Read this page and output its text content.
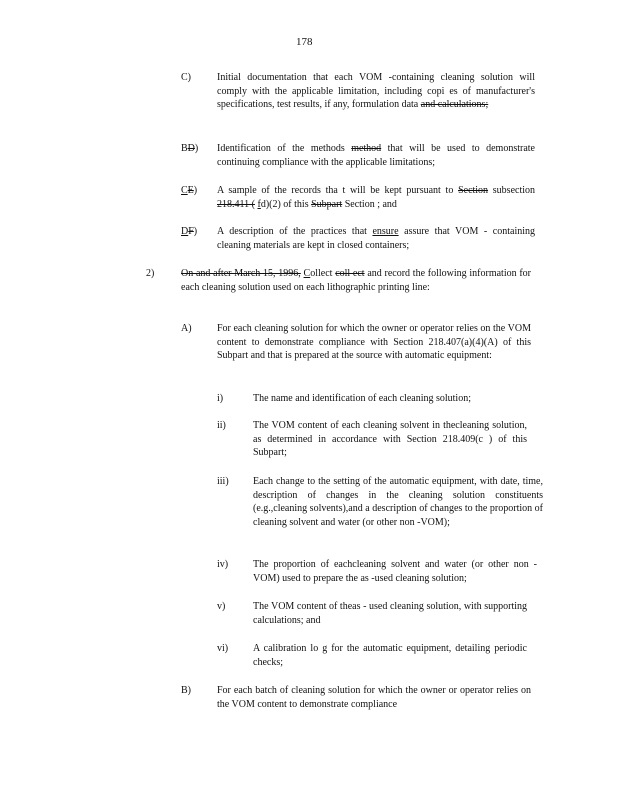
178
C)	Initial documentation that each VOM -containing cleaning solution will comply with the applicable limitation, including copi es of manufacturer's specifications, test results, if any, formulation data and calculations;
BD) Identification of the methods method that will be used to demonstrate continuing compliance with the applicable limitations;
CE) A sample of the records tha t will be kept pursuant to Section subsection 218.411 ( fd)(2) of this Subpart Section ; and
DF) A description of the practices that ensure assure that VOM - containing cleaning materials are kept in closed containers;
2)	On and after March 15, 1996, Collect coll ect and record the following information for each cleaning solution used on each lithographic printing line:
A)	For each cleaning solution for which the owner or operator relies on the VOM content to demonstrate compliance with Section 218.407(a)(4)(A) of this Subpart and that is prepared at the source with automatic equipment:
i)	The name and identification of each cleaning solution;
ii)	The VOM content of each cleaning solvent in thecleaning solution, as determined in accordance with Section 218.409(c ) of this Subpart;
iii) Each change to the setting of the automatic equipment, with date, time, description of changes in the cleaning solution constituents (e.g.,cleaning solvents),and a description of changes to the proportion of cleaning solvent and water (or other non -VOM);
iv) The proportion of eachcleaning solvent and water (or other non -VOM) used to prepare the as -used cleaning solution;
v)	The VOM content of theas - used cleaning solution, with supporting calculations; and
vi) A calibration lo g for the automatic equipment, detailing periodic checks;
B)	For each batch of cleaning solution for which the owner or operator relies on the VOM content to demonstrate compliance
